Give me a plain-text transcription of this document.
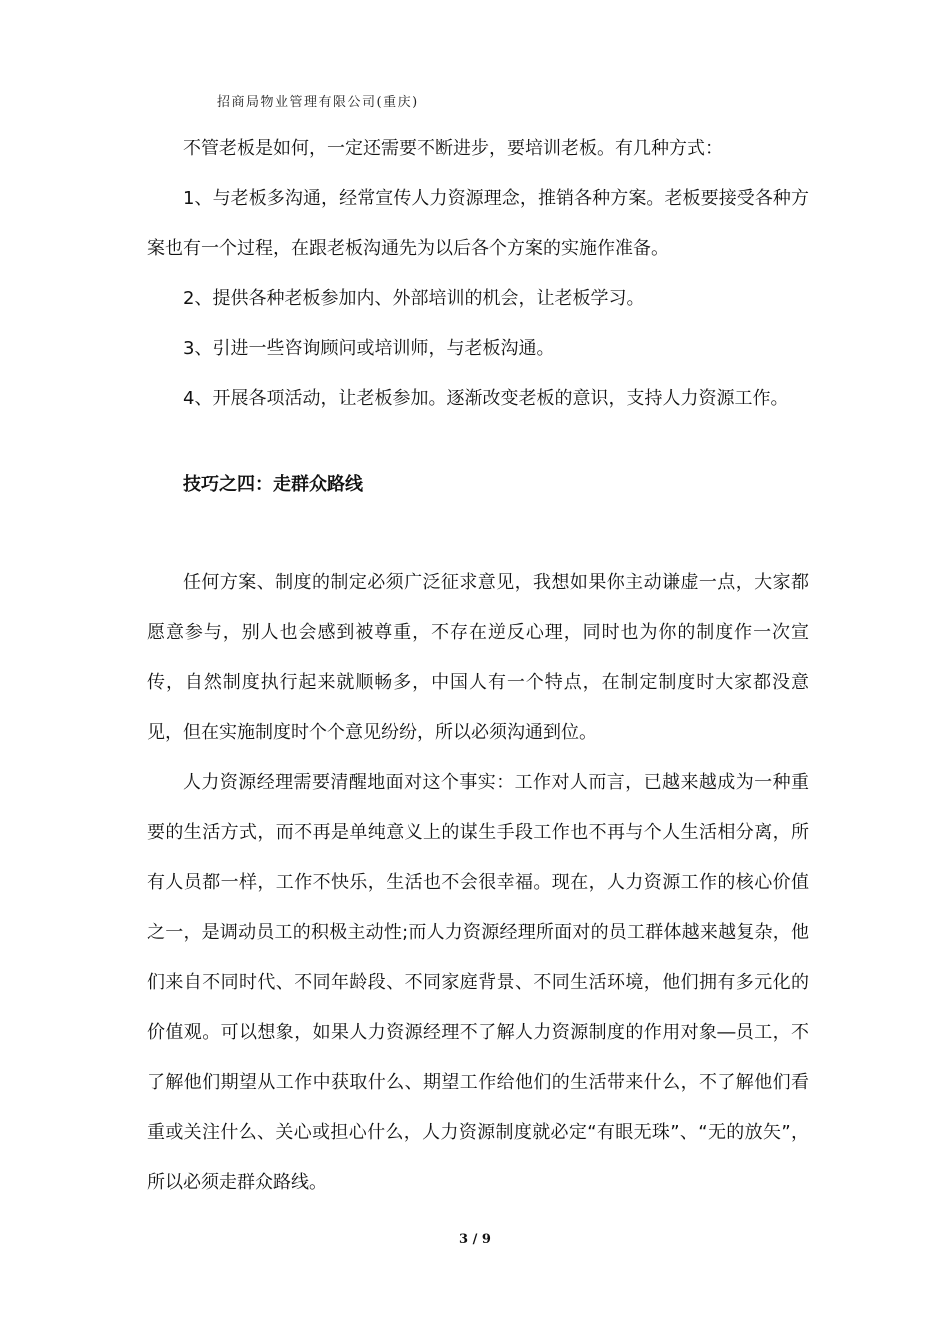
招商局物业管理有限公司(重庆)

不管老板是如何，一定还需要不断进步，要培训老板。有几种方式：

1、与老板多沟通，经常宣传人力资源理念，推销各种方案。老板要接受各种方案也有一个过程，在跟老板沟通先为以后各个方案的实施作准备。

2、提供各种老板参加内、外部培训的机会，让老板学习。

3、引进一些咨询顾问或培训师，与老板沟通。

4、开展各项活动，让老板参加。逐渐改变老板的意识，支持人力资源工作。

技巧之四：走群众路线

任何方案、制度的制定必须广泛征求意见，我想如果你主动谦虚一点，大家都愿意参与，别人也会感到被尊重，不存在逆反心理，同时也为你的制度作一次宣传，自然制度执行起来就顺畅多，中国人有一个特点，在制定制度时大家都没意见，但在实施制度时个个意见纷纷，所以必须沟通到位。

人力资源经理需要清醒地面对这个事实：工作对人而言，已越来越成为一种重要的生活方式，而不再是单纯意义上的谋生手段工作也不再与个人生活相分离，所有人员都一样，工作不快乐，生活也不会很幸福。现在，人力资源工作的核心价值之一，是调动员工的积极主动性;而人力资源经理所面对的员工群体越来越复杂，他们来自不同时代、不同年龄段、不同家庭背景、不同生活环境，他们拥有多元化的价值观。可以想象，如果人力资源经理不了解人力资源制度的作用对象―员工，不了解他们期望从工作中获取什么、期望工作给他们的生活带来什么，不了解他们看重或关注什么、关心或担心什么，人力资源制度就必定“有眼无珠”、“无的放矢”，所以必须走群众路线。

3 / 9
